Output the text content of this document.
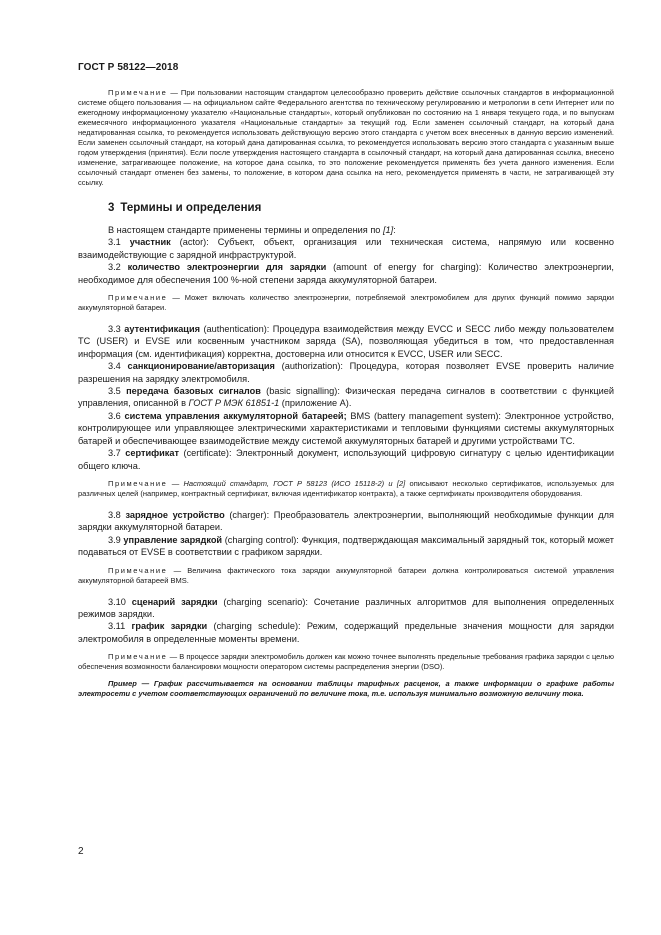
ГОСТ Р 58122—2018

Примечание — При пользовании настоящим стандартом целесообразно проверить действие ссылочных стандартов в информационной системе общего пользования — на официальном сайте Федерального агентства по техническому регулированию и метрологии в сети Интернет или по ежегодному информационному указателю «Национальные стандарты», который опубликован по состоянию на 1 января текущего года, и по выпускам ежемесячного информационного указателя «Национальные стандарты» за текущий год. Если заменен ссылочный стандарт, на который дана недатированная ссылка, то рекомендуется использовать действующую версию этого стандарта с учетом всех внесенных в данную версию изменений. Если заменен ссылочный стандарт, на который дана датированная ссылка, то рекомендуется использовать версию этого стандарта с указанным выше годом утверждения (принятия). Если после утверждения настоящего стандарта в ссылочный стандарт, на который дана датированная ссылка, внесено изменение, затрагивающее положение, на которое дана ссылка, то это положение рекомендуется применять без учета данного изменения. Если ссылочный стандарт отменен без замены, то положение, в котором дана ссылка на него, рекомендуется применять в части, не затрагивающей эту ссылку.

3 Термины и определения

В настоящем стандарте применены термины и определения по [1]:

3.1 участник (actor): Субъект, объект, организация или техническая система, напрямую или косвенно взаимодействующие с зарядной инфраструктурой.

3.2 количество электроэнергии для зарядки (amount of energy for charging): Количество электроэнергии, необходимое для обеспечения 100 %-ной степени заряда аккумуляторной батареи.

Примечание — Может включать количество электроэнергии, потребляемой электромобилем для других функций помимо зарядки аккумуляторной батареи.

3.3 аутентификация (authentication): Процедура взаимодействия между EVCC и SECC либо между пользователем ТС (USER) и EVSE или косвенным участником заряда (SA), позволяющая убедиться в том, что предоставленная информация (см. идентификация) корректна, достоверна или относится к EVCC, USER или SECC.

3.4 санкционирование/авторизация (authorization): Процедура, которая позволяет EVSE проверить наличие разрешения на зарядку электромобиля.

3.5 передача базовых сигналов (basic signalling): Физическая передача сигналов в соответствии с функцией управления, описанной в ГОСТ Р МЭК 61851-1 (приложение А).

3.6 система управления аккумуляторной батареей; BMS (battery management system): Электронное устройство, контролирующее или управляющее электрическими характеристиками и тепловыми функциями системы аккумуляторных батарей и обеспечивающее взаимодействие между системой аккумуляторных батарей и другими устройствами ТС.

3.7 сертификат (certificate): Электронный документ, использующий цифровую сигнатуру с целью идентификации общего ключа.

Примечание — Настоящий стандарт, ГОСТ Р 58123 (ИСО 15118-2) и [2] описывают несколько сертификатов, используемых для различных целей (например, контрактный сертификат, включая идентификатор контракта), а также сертификаты производителя оборудования.

3.8 зарядное устройство (charger): Преобразователь электроэнергии, выполняющий необходимые функции для зарядки аккумуляторной батареи.

3.9 управление зарядкой (charging control): Функция, подтверждающая максимальный зарядный ток, который может подаваться от EVSE в соответствии с графиком зарядки.

Примечание — Величина фактического тока зарядки аккумуляторной батареи должна контролироваться системой управления аккумуляторной батареей BMS.

3.10 сценарий зарядки (charging scenario): Сочетание различных алгоритмов для выполнения определенных режимов зарядки.

3.11 график зарядки (charging schedule): Режим, содержащий предельные значения мощности для зарядки электромобиля в определенные моменты времени.

Примечание — В процессе зарядки электромобиль должен как можно точнее выполнять предельные требования графика зарядки с целью обеспечения возможности балансировки мощности оператором системы распределения энергии (DSO).

Пример — График рассчитывается на основании таблицы тарифных расценок, а также информации о графике работы электросети с учетом соответствующих ограничений по величине тока, т.е. используя минимально возможную величину тока.

2
